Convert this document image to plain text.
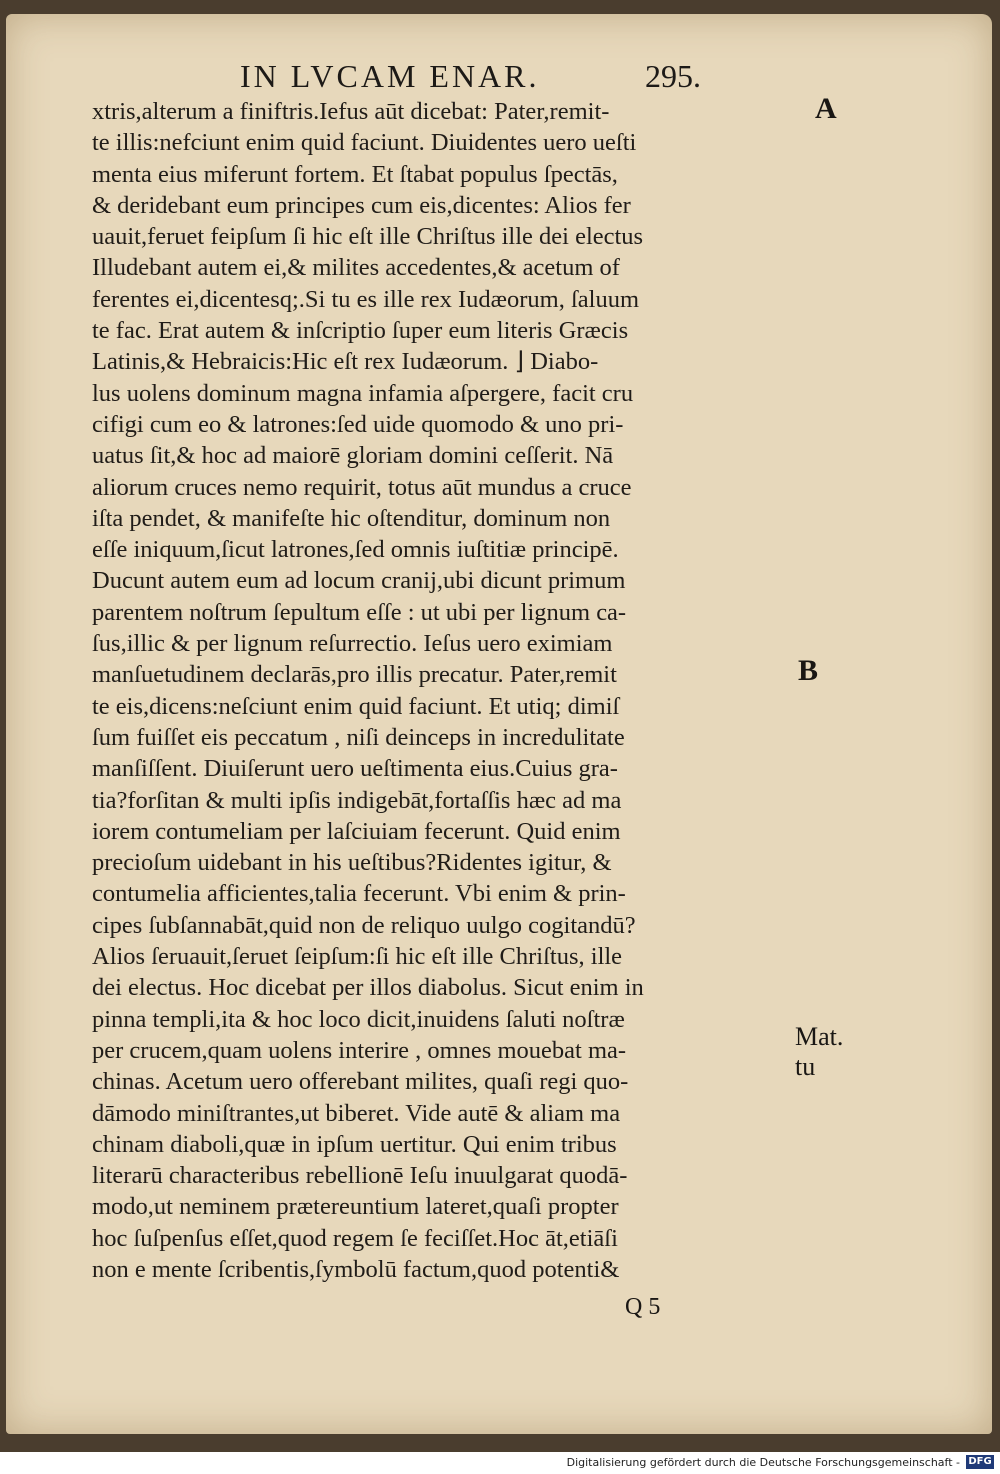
IN LVCAM ENAR.	295.
xtris,alterum a finiftris.Iefus aūt dicebat: Pater,remit-
te illis:nefciunt enim quid faciunt. Diuidentes uero ueſti
menta eius miferunt fortem. Et ſtabat populus ſpectās,
& deridebant eum principes cum eis,dicentes: Alios fer
uauit,feruet feipſum ſi hic eſt ille Chriſtus ille dei electus
Illudebant autem ei,& milites accedentes,& acetum of
ferentes ei,dicentesq;.Si tu es ille rex Iudæorum, ſaluum
te fac. Erat autem & inſcriptio ſuper eum literis Græcis
Latinis,& Hebraicis:Hic eſt rex Iudæorum. ⌋ Diabo-
lus uolens dominum magna infamia aſpergere, facit cru
cifigi cum eo & latrones:ſed uide quomodo & uno pri-
uatus ſit,& hoc ad maiorē gloriam domini ceſſerit. Nā
aliorum cruces nemo requirit, totus aūt mundus a cruce
iſta pendet, & manifeſte hic oſtenditur, dominum non
eſſe iniquum,ſicut latrones,ſed omnis iuſtitiæ principē.
Ducunt autem eum ad locum cranij,ubi dicunt primum
parentem noſtrum ſepultum eſſe : ut ubi per lignum ca-
ſus,illic & per lignum reſurrectio. Ieſus uero eximiam
manſuetudinem declarās,pro illis precatur. Pater,remit
te eis,dicens:neſciunt enim quid faciunt. Et utiq; dimiſ
ſum fuiſſet eis peccatum , niſi deinceps in incredulitate
manſiſſent. Diuiſerunt uero ueſtimenta eius.Cuius gra-
tia?forſitan & multi ipſis indigebāt,fortaſſis hæc ad ma
iorem contumeliam per laſciuiam fecerunt. Quid enim
precioſum uidebant in his ueſtibus?Ridentes igitur, &
contumelia afficientes,talia fecerunt. Vbi enim & prin-
cipes ſubſannabāt,quid non de reliquo uulgo cogitandū?
Alios ſeruauit,ſeruet ſeipſum:ſi hic eſt ille Chriſtus, ille
dei electus. Hoc dicebat per illos diabolus. Sicut enim in
pinna templi,ita & hoc loco dicit,inuidens ſaluti noſtræ
per crucem,quam uolens interire , omnes mouebat ma-
chinas. Acetum uero offerebant milites, quaſi regi quo-
dāmodo miniſtrantes,ut biberet. Vide autē & aliam ma
chinam diaboli,quæ in ipſum uertitur. Qui enim tribus
literarū characteribus rebellionē Ieſu inuulgarat quodā-
modo,ut neminem prætereuntium lateret,quaſi propter
hoc ſuſpenſus eſſet,quod regem ſe feciſſet.Hoc āt,etiāſi
non e mente ſcribentis,ſymbolū factum,quod potenti&
A
B
Mat.
tu
Q 5
Digitalisierung gefördert durch die Deutsche Forschungsgemeinschaft - DFG
